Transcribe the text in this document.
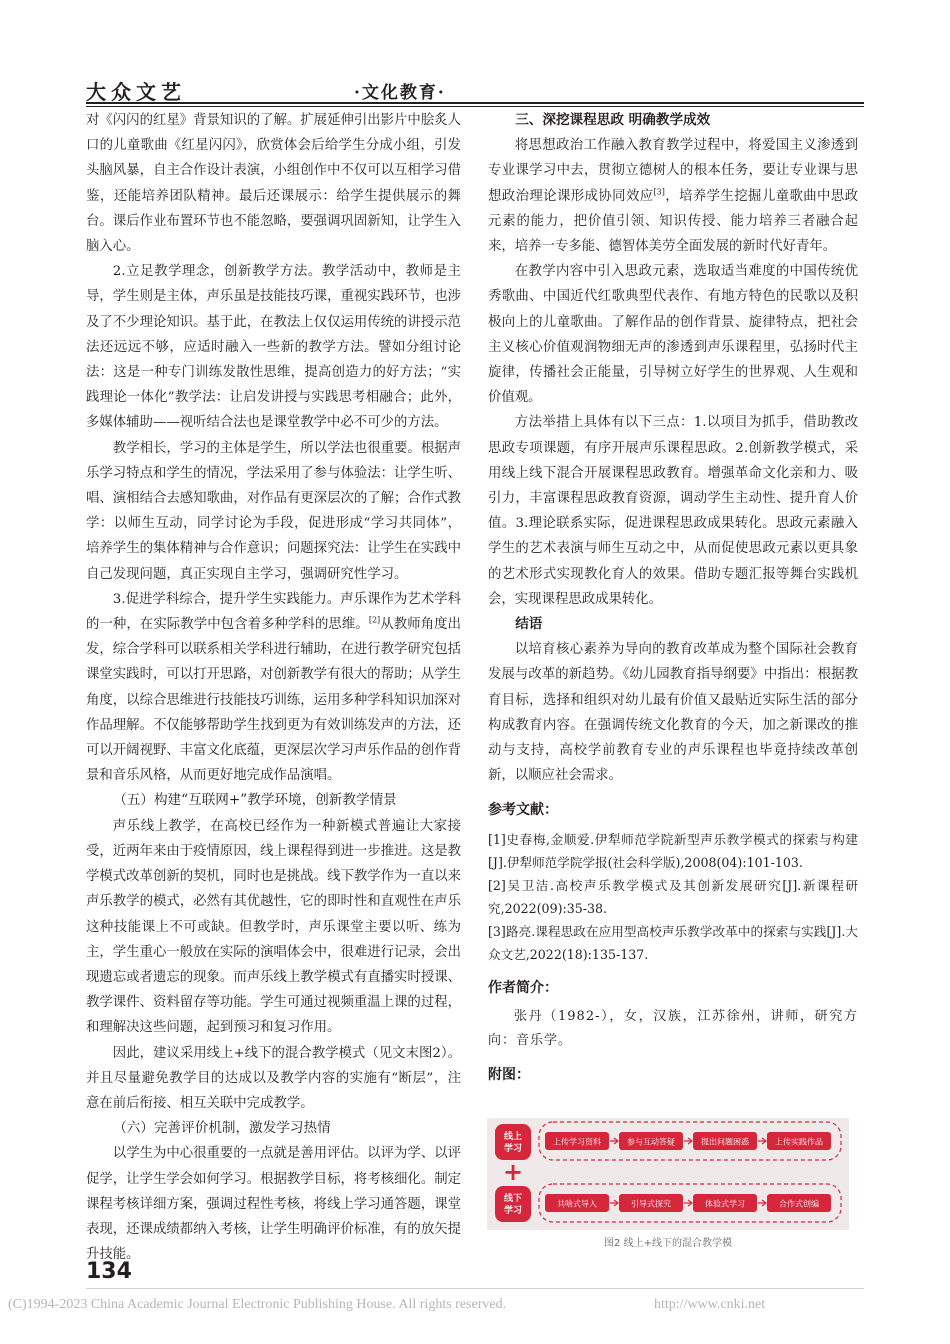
大众文艺	·文化教育·

对《闪闪的红星》背景知识的了解。扩展延伸引出影片中脍炙人口的儿童歌曲《红星闪闪》，欣赏体会后给学生分成小组，引发头脑风暴，自主合作设计表演，小组创作中不仅可以互相学习借鉴，还能培养团队精神。最后还课展示：给学生提供展示的舞台。课后作业布置环节也不能忽略，要强调巩固新知，让学生入脑入心。

2.立足教学理念，创新教学方法。教学活动中，教师是主导，学生则是主体，声乐虽是技能技巧课，重视实践环节，也涉及了不少理论知识。基于此，在教法上仅仅运用传统的讲授示范法还远远不够，应适时融入一些新的教学方法。譬如分组讨论法：这是一种专门训练发散性思维，提高创造力的好方法；“实践理论一体化”教学法：让启发讲授与实践思考相融合；此外，多媒体辅助——视听结合法也是课堂教学中必不可少的方法。

教学相长，学习的主体是学生，所以学法也很重要。根据声乐学习特点和学生的情况，学法采用了参与体验法：让学生听、唱、演相结合去感知歌曲，对作品有更深层次的了解；合作式教学：以师生互动，同学讨论为手段，促进形成“学习共同体”，培养学生的集体精神与合作意识；问题探究法：让学生在实践中自己发现问题，真正实现自主学习，强调研究性学习。

3.促进学科综合，提升学生实践能力。声乐课作为艺术学科的一种，在实际教学中包含着多种学科的思维。[2]从教师角度出发，综合学科可以联系相关学科进行辅助，在进行教学研究包括课堂实践时，可以打开思路，对创新教学有很大的帮助；从学生角度，以综合思维进行技能技巧训练，运用多种学科知识加深对作品理解。不仅能够帮助学生找到更为有效训练发声的方法，还可以开阔视野、丰富文化底蕴，更深层次学习声乐作品的创作背景和音乐风格，从而更好地完成作品演唱。

（五）构建“互联网+”教学环境，创新教学情景

声乐线上教学，在高校已经作为一种新模式普遍让大家接受，近两年来由于疫情原因，线上课程得到进一步推进。这是教学模式改革创新的契机，同时也是挑战。线下教学作为一直以来声乐教学的模式，必然有其优越性，它的即时性和直观性在声乐这种技能课上不可或缺。但教学时，声乐课堂主要以听、练为主，学生重心一般放在实际的演唱体会中，很难进行记录，会出现遗忘或者遗忘的现象。而声乐线上教学模式有直播实时授课、教学课件、资料留存等功能。学生可通过视频重温上课的过程，和理解决这些问题，起到预习和复习作用。

因此，建议采用线上+线下的混合教学模式（见文末图2）。并且尽量避免教学目的达成以及教学内容的实施有“断层”，注意在前后衔接、相互关联中完成教学。

（六）完善评价机制，激发学习热情

以学生为中心很重要的一点就是善用评估。以评为学、以评促学，让学生学会如何学习。根据教学目标，将考核细化。制定课程考核详细方案，强调过程性考核，将线上学习通答题，课堂表现，还课成绩都纳入考核，让学生明确评价标准，有的放矢提升技能。

三、深挖课程思政 明确教学成效

将思想政治工作融入教育教学过程中，将爱国主义渗透到专业课学习中去，贯彻立德树人的根本任务，要让专业课与思想政治理论课形成协同效应[3]，培养学生挖掘儿童歌曲中思政元素的能力，把价值引领、知识传授、能力培养三者融合起来，培养一专多能、德智体美劳全面发展的新时代好青年。

在教学内容中引入思政元素，选取适当难度的中国传统优秀歌曲、中国近代红歌典型代表作、有地方特色的民歌以及积极向上的儿童歌曲。了解作品的创作背景、旋律特点，把社会主义核心价值观润物细无声的渗透到声乐课程里，弘扬时代主旋律，传播社会正能量，引导树立好学生的世界观、人生观和价值观。

方法举措上具体有以下三点：1.以项目为抓手，借助教改思政专项课题，有序开展声乐课程思政。2.创新教学模式，采用线上线下混合开展课程思政教育。增强革命文化亲和力、吸引力，丰富课程思政教育资源，调动学生主动性、提升育人价值。3.理论联系实际，促进课程思政成果转化。思政元素融入学生的艺术表演与师生互动之中，从而促使思政元素以更具象的艺术形式实现教化育人的效果。借助专题汇报等舞台实践机会，实现课程思政成果转化。

结语

以培育核心素养为导向的教育改革成为整个国际社会教育发展与改革的新趋势。《幼儿园教育指导纲要》中指出：根据教育目标，选择和组织对幼儿最有价值又最贴近实际生活的部分构成教育内容。在强调传统文化教育的今天，加之新课改的推动与支持，高校学前教育专业的声乐课程也毕竟持续改革创新，以顺应社会需求。

参考文献：
[1]史春梅,金顺爱.伊犁师范学院新型声乐教学模式的探索与构建[J].伊犁师范学院学报(社会科学版),2008(04):101-103.
[2]吴卫洁.高校声乐教学模式及其创新发展研究[J].新课程研究,2022(09):35-38.
[3]路亮.课程思政在应用型高校声乐教学改革中的探索与实践[J].大众文艺,2022(18):135-137.
作者简介：
张丹（1982-），女，汉族，江苏徐州，讲师，研究方向：音乐学。
附图：
线上
学习
+
线下
学习
上传学习资料	参与互动答疑	提出问题困惑	上传实践作品
共啥式导入	引导式探究	体验式学习	合作式创编
图2 线上+线下的混合教学模
134
(C)1994-2023 China Academic Journal Electronic Publishing House. All rights reserved.	http://www.cnki.net
